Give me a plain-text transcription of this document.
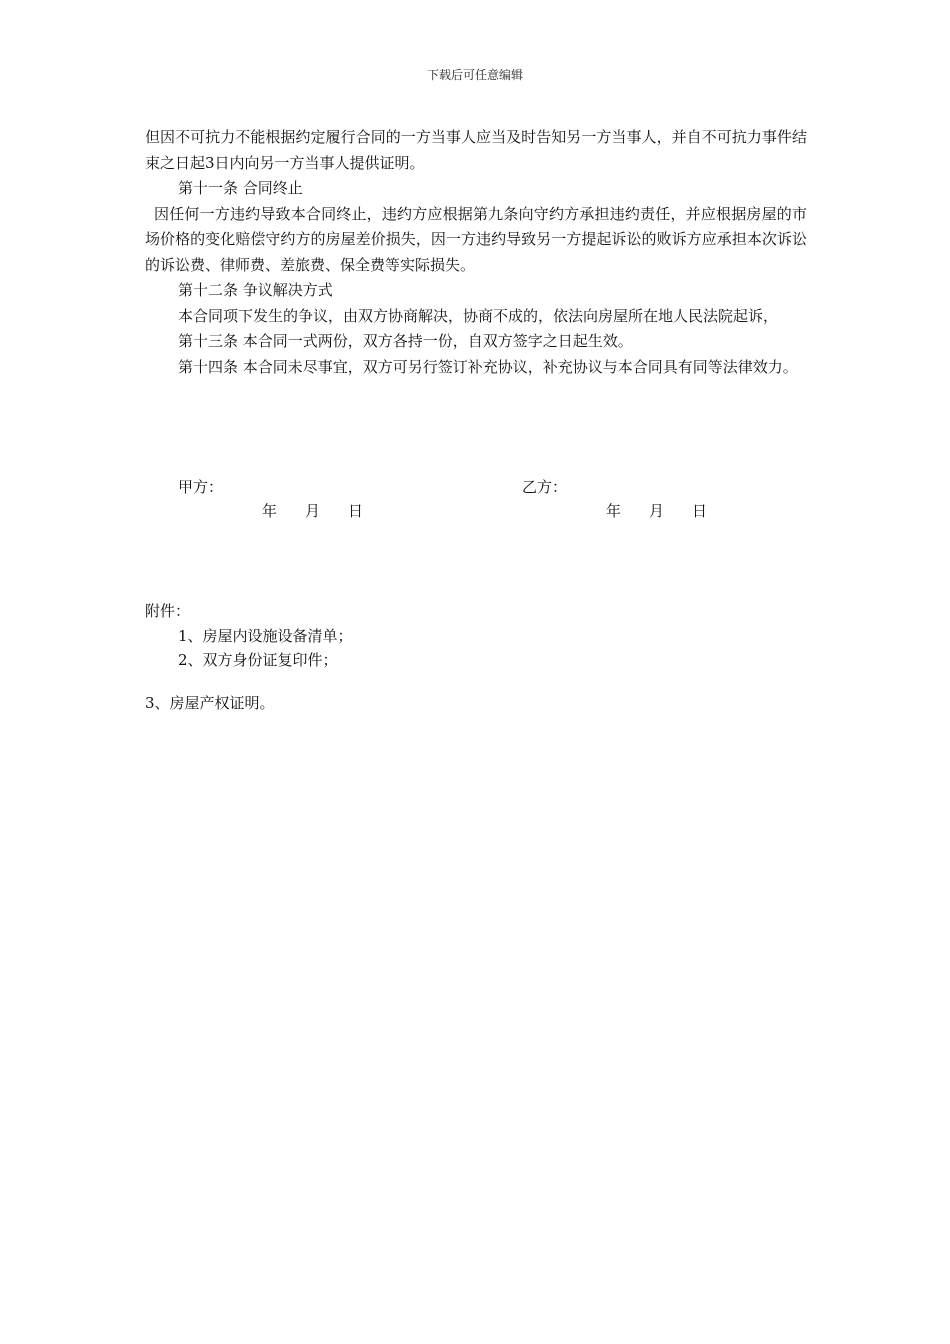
下载后可任意编辑

但因不可抗力不能根据约定履行合同的一方当事人应当及时告知另一方当事人，并自不可抗力事件结束之日起3日内向另一方当事人提供证明。

第十一条 合同终止

因任何一方违约导致本合同终止，违约方应根据第九条向守约方承担违约责任，并应根据房屋的市场价格的变化赔偿守约方的房屋差价损失，因一方违约导致另一方提起诉讼的败诉方应承担本次诉讼的诉讼费、律师费、差旅费、保全费等实际损失。

第十二条 争议解决方式

本合同项下发生的争议，由双方协商解决，协商不成的，依法向房屋所在地人民法院起诉，

第十三条 本合同一式两份，双方各持一份，自双方签字之日起生效。

第十四条 本合同未尽事宜，双方可另行签订补充协议，补充协议与本合同具有同等法律效力。

甲方：	乙方：
年 月 日	年 月 日
附件：
1、房屋内设施设备清单；
2、双方身份证复印件；
3、房屋产权证明。
